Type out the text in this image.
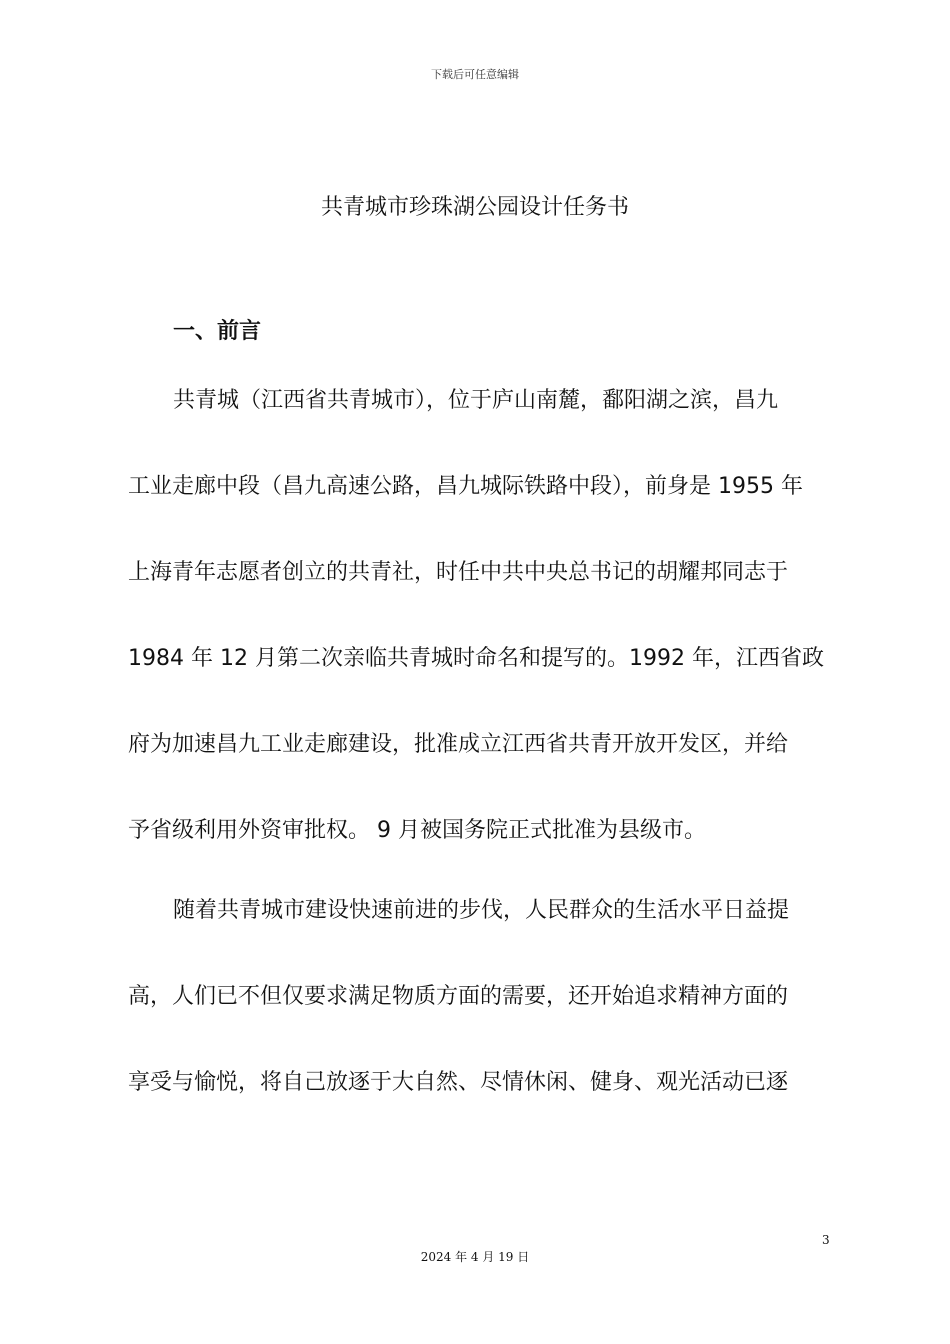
下载后可任意编辑
共青城市珍珠湖公园设计任务书
一、前言
共青城（江西省共青城市），位于庐山南麓，鄱阳湖之滨，昌九
工业走廊中段（昌九高速公路，昌九城际铁路中段），前身是 1955 年
上海青年志愿者创立的共青社，时任中共中央总书记的胡耀邦同志于
1984 年 12 月第二次亲临共青城时命名和提写的。1992 年，江西省政
府为加速昌九工业走廊建设，批准成立江西省共青开放开发区，并给
予省级利用外资审批权。 9 月被国务院正式批准为县级市。
随着共青城市建设快速前进的步伐，人民群众的生活水平日益提
高，人们已不但仅要求满足物质方面的需要，还开始追求精神方面的
享受与愉悦，将自己放逐于大自然、尽情休闲、健身、观光活动已逐
3
2024 年 4 月 19 日
